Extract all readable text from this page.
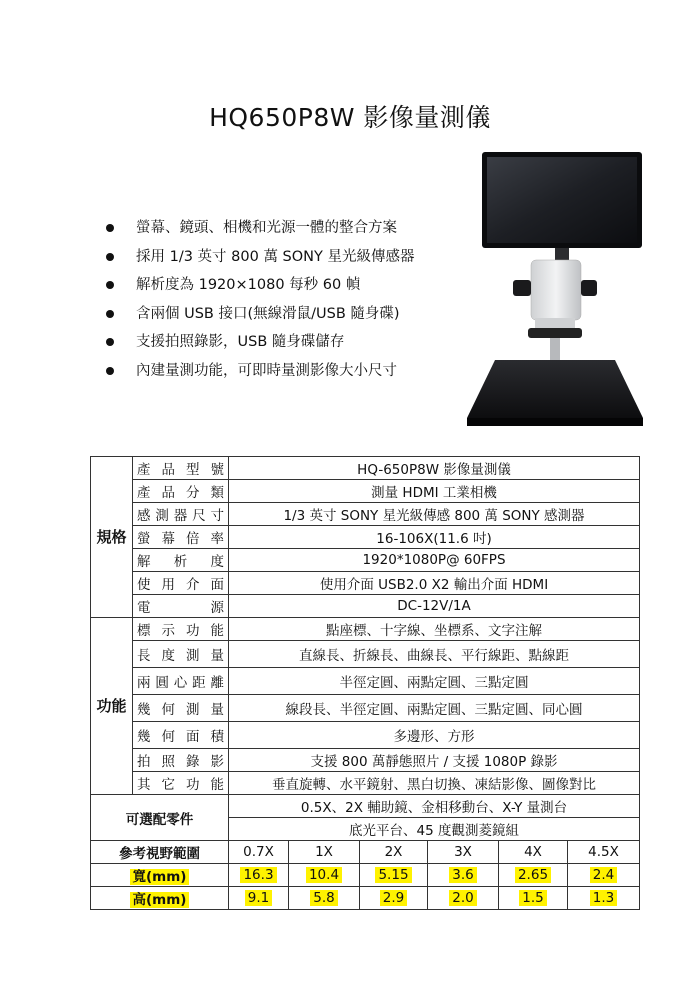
HQ650P8W 影像量測儀
螢幕、鏡頭、相機和光源一體的整合方案
採用 1/3 英寸 800 萬 SONY 星光級傳感器
解析度為 1920×1080 每秒 60 幀
含兩個 USB 接口(無線滑鼠/USB 隨身碟)
支援拍照錄影，USB 隨身碟儲存
內建量測功能，可即時量測影像大小尺寸
規格	產品型號	HQ-650P8W 影像量測儀					
	產品分類	測量 HDMI 工業相機					
	感測器尺寸	1/3 英寸 SONY 星光級傳感 800 萬 SONY 感測器					
	螢幕倍率	16-106X(11.6 吋)					
	解析度	1920*1080P@ 60FPS					
	使用介面	使用介面 USB2.0 X2 輸出介面 HDMI					
	電源	DC-12V/1A					
功能	標示功能	點座標、十字線、坐標系、文字注解					
	長度測量	直線長、折線長、曲線長、平行線距、點線距					
	兩圓心距離	半徑定圓、兩點定圓、三點定圓					
	幾何測量	線段長、半徑定圓、兩點定圓、三點定圓、同心圓					
	幾何面積	多邊形、方形					
	拍照錄影	支援 800 萬靜態照片 / 支援 1080P 錄影					
	其它功能	垂直旋轉、水平鏡射、黑白切換、凍結影像、圖像對比					
可選配零件		0.5X、2X 輔助鏡、金相移動台、X-Y 量測台					
		底光平台、45 度觀測菱鏡組					
參考視野範圍		0.7X	1X	2X	3X	4X	4.5X
寬(mm)		16.3	10.4	5.15	3.6	2.65	2.4
高(mm)		9.1	5.8	2.9	2.0	1.5	1.3
